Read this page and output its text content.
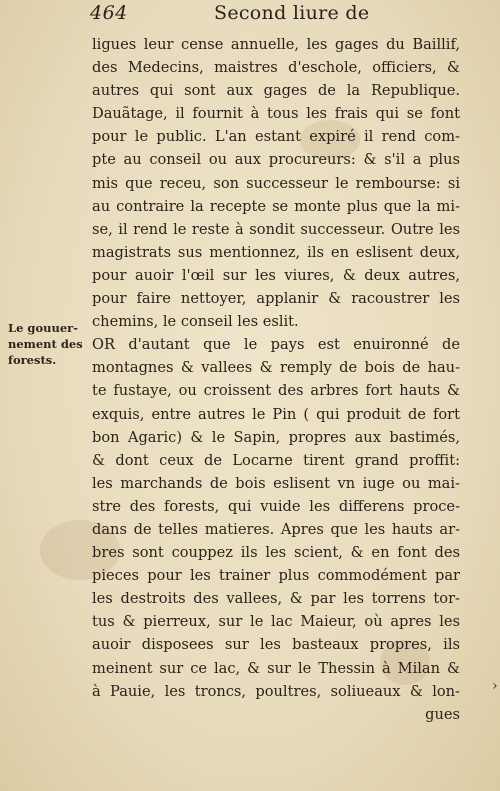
464	Second liure de
Le gouuer-
nement des
forests.
ligues leur cense annuelle, les gages du Baillif,
des Medecins, maistres d'eschole, officiers, &
autres qui sont aux gages de la Republique.
Dauãtage, il fournit à tous les frais qui se font
pour le public. L'an estant expiré il rend com-
pte au conseil ou aux procureurs: & s'il a plus
mis que receu, son successeur le rembourse: si
au contraire la recepte se monte plus que la mi-
se, il rend le reste à sondit successeur. Outre les
magistrats sus mentionnez, ils en eslisent deux,
pour auoir l'œil sur les viures, & deux autres,
pour faire nettoyer, applanir & racoustrer les
chemins, le conseil les eslit.
OR d'autant que le pays est enuironné de
montagnes & vallees & remply de bois de hau-
te fustaye, ou croissent des arbres fort hauts &
exquis, entre autres le Pin ( qui produit de fort
bon Agaric) & le Sapin, propres aux bastimés,
& dont ceux de Locarne tirent grand proffit:
les marchands de bois eslisent vn iuge ou mai-
stre des forests, qui vuide les differens proce-
dans de telles matieres. Apres que les hauts ar-
bres sont couppez ils les scient, & en font des
pieces pour les trainer plus commodément par
les destroits des vallees, & par les torrens tor-
tus & pierreux, sur le lac Maieur, où apres les
auoir disposees sur les basteaux propres, ils
meinent sur ce lac, & sur le Thessin à Milan &
à Pauie, les troncs, poultres, soliueaux & lon-
gues
›
